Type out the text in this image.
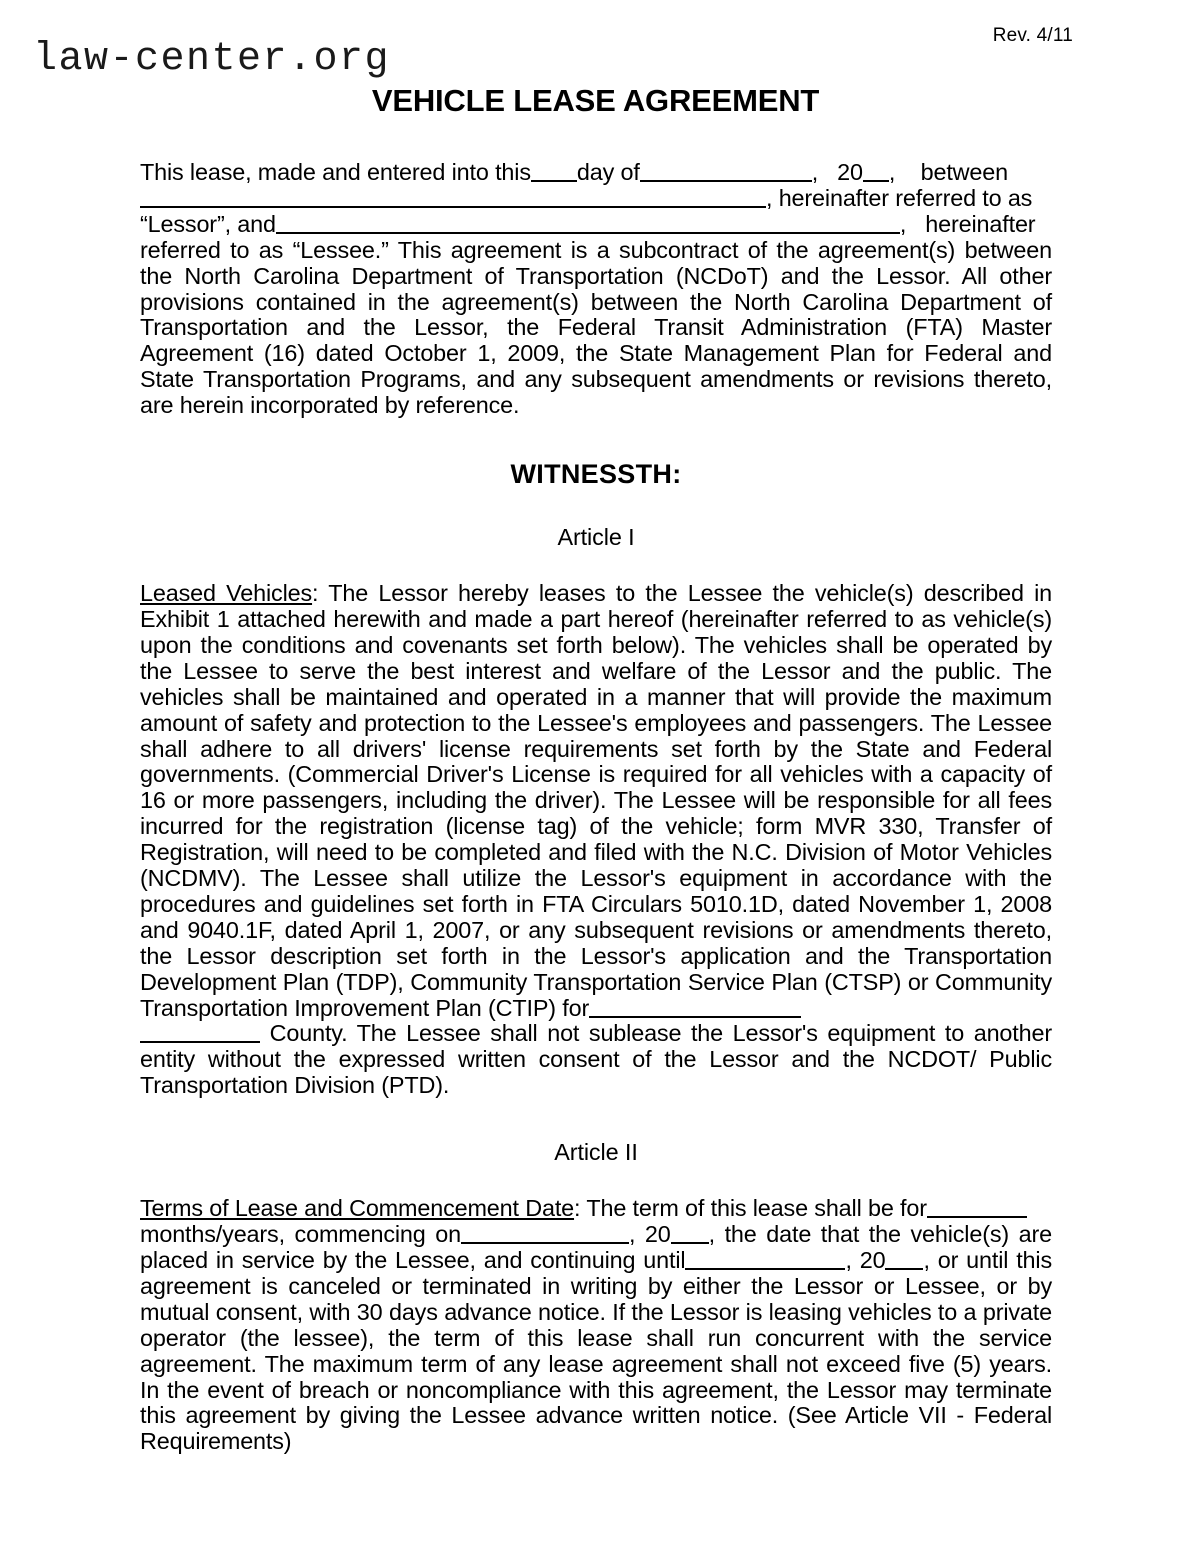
Rev. 4/11
law-center.org
VEHICLE LEASE AGREEMENT

This lease, made and entered into this day of	, 20 , between
, hereinafter referred to as
“Lessor”, and	, hereinafter

referred to as “Lessee.” This agreement is a subcontract of the agreement(s) between the North Carolina Department of Transportation (NCDoT) and the Lessor. All other provisions contained in the agreement(s) between the North Carolina Department of Transportation and the Lessor, the Federal Transit Administration (FTA) Master Agreement (16) dated October 1, 2009, the State Management Plan for Federal and State Transportation Programs, and any subsequent amendments or revisions thereto, are herein incorporated by reference.

WITNESSTH:

Article I

Leased Vehicles: The Lessor hereby leases to the Lessee the vehicle(s) described in Exhibit 1 attached herewith and made a part hereof (hereinafter referred to as vehicle(s) upon the conditions and covenants set forth below). The vehicles shall be operated by the Lessee to serve the best interest and welfare of the Lessor and the public. The vehicles shall be maintained and operated in a manner that will provide the maximum amount of safety and protection to the Lessee's employees and passengers. The Lessee shall adhere to all drivers' license requirements set forth by the State and Federal governments. (Commercial Driver's License is required for all vehicles with a capacity of 16 or more passengers, including the driver). The Lessee will be responsible for all fees incurred for the registration (license tag) of the vehicle; form MVR 330, Transfer of Registration, will need to be completed and filed with the N.C. Division of Motor Vehicles (NCDMV). The Lessee shall utilize the Lessor's equipment in accordance with the procedures and guidelines set forth in FTA Circulars 5010.1D, dated November 1, 2008 and 9040.1F, dated April 1, 2007, or any subsequent revisions or amendments thereto, the Lessor description set forth in the Lessor's application and the Transportation Development Plan (TDP), Community Transportation Service Plan (CTSP) or Community Transportation Improvement Plan (CTIP) for
County. The Lessee shall not sublease the Lessor's equipment to another entity without the expressed written consent of the Lessor and the NCDOT/ Public Transportation Division (PTD).

Article II

Terms of Lease and Commencement Date: The term of this lease shall be for
months/years, commencing on	, 20 , the date that the vehicle(s) are placed in service by the Lessee, and continuing until	, 20 , or until this agreement is canceled or terminated in writing by either the Lessor or Lessee, or by mutual consent, with 30 days advance notice. If the Lessor is leasing vehicles to a private operator (the lessee), the term of this lease shall run concurrent with the service agreement. The maximum term of any lease agreement shall not exceed five (5) years. In the event of breach or noncompliance with this agreement, the Lessor may terminate this agreement by giving the Lessee advance written notice. (See Article VII - Federal Requirements)
